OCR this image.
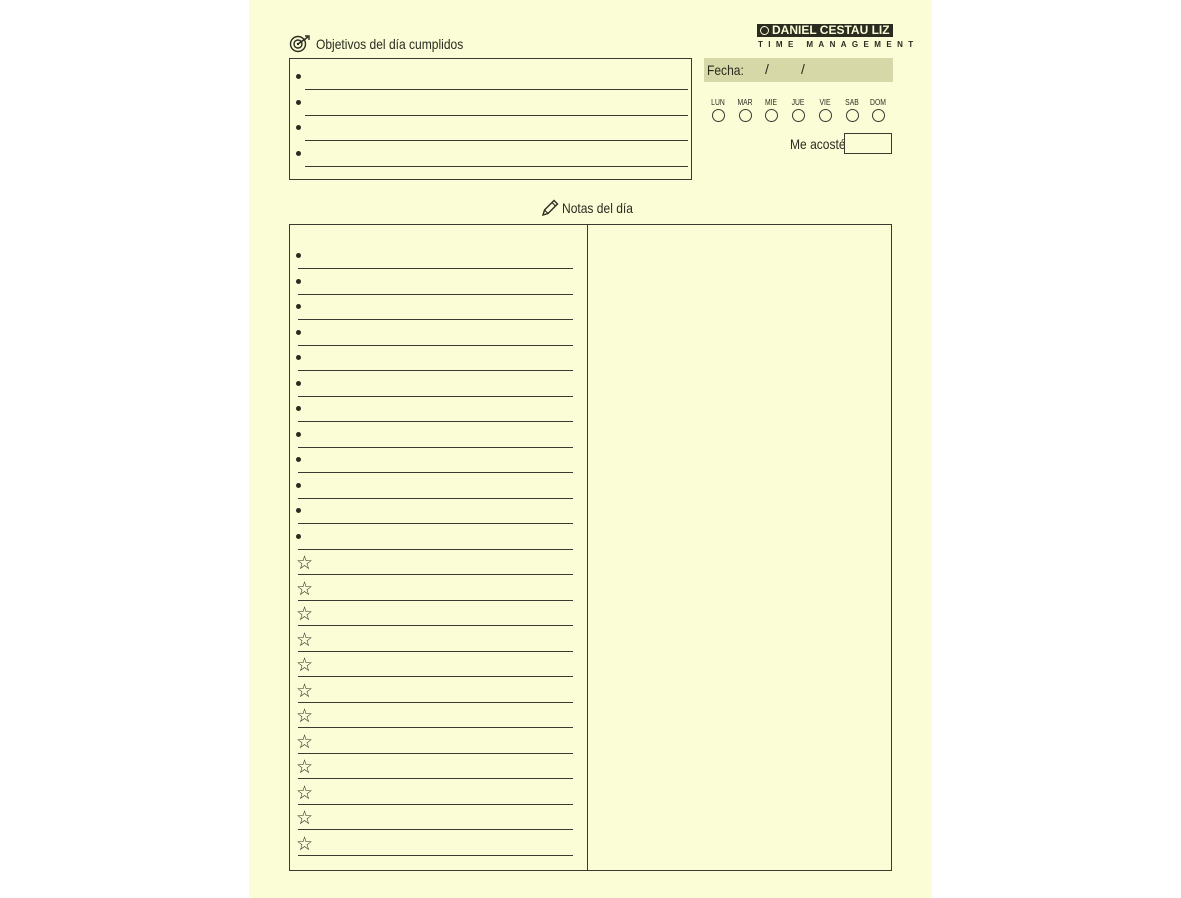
Objetivos del día cumplidos
DANIEL CESTAU LIZ
TIME MANAGEMENT
Fecha: / /
LUN	MAR	MIE	JUE	VIE	SAB	DOM
Me acosté
Notas del día
☆
☆
☆
☆
☆
☆
☆
☆
☆
☆
☆
☆
